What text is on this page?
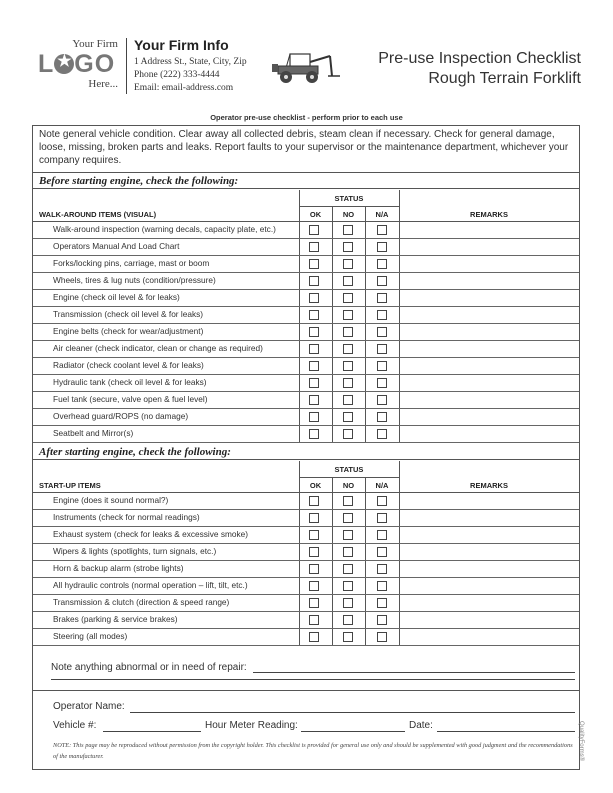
Your Firm
L★ GO
Here...
Your Firm Info
1 Address St., State, City, Zip
Phone (222) 333-4444
Email: email-address.com
Pre-use Inspection Checklist
Rough Terrain Forklift
Operator pre-use checklist - perform prior to each use
Note general vehicle condition. Clear away all collected debris, steam clean if necessary. Check for general damage, loose, missing, broken parts and leaks. Report faults to your supervisor or the maintenance department, whichever your company requires.
Before starting engine, check the following:
STATUS
WALK-AROUND ITEMS (VISUAL)	OK	NO	N/A	REMARKS
Walk-around inspection (warning decals, capacity plate, etc.)
Operators Manual And Load Chart
Forks/locking pins, carriage, mast or boom
Wheels, tires & lug nuts (condition/pressure)
Engine (check oil level & for leaks)
Transmission (check oil level & for leaks)
Engine belts (check for wear/adjustment)
Air cleaner (check indicator, clean or change as required)
Radiator (check coolant level & for leaks)
Hydraulic tank (check oil level & for leaks)
Fuel tank (secure, valve open & fuel level)
Overhead guard/ROPS (no damage)
Seatbelt and Mirror(s)
After starting engine, check the following:
STATUS
START-UP ITEMS	OK	NO	N/A	REMARKS
Engine (does it sound normal?)
Instruments (check for normal readings)
Exhaust system (check for leaks & excessive smoke)
Wipers & lights (spotlights, turn signals, etc.)
Horn & backup alarm (strobe lights)
All hydraulic controls (normal operation – lift, tilt, etc.)
Transmission & clutch (direction & speed range)
Brakes (parking & service brakes)
Steering (all modes)
Note anything abnormal or in need of repair:
Operator Name:
Vehicle #:	Hour Meter Reading:	Date:
NOTE: This page may be reproduced without permission from the copyright holder. This checklist is provided for general use only and should be supplemented with good judgment and the recommendations of the manufacturer.	QualityForms®
